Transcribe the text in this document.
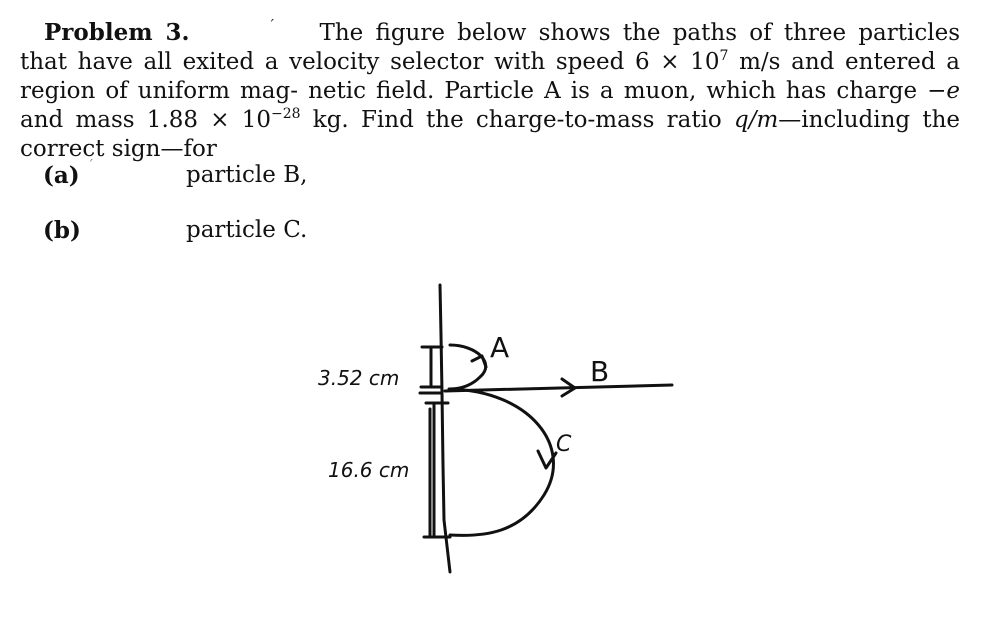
ˊ
Problem 3.	The figure below shows the paths of three particles that have all exited a velocity selector with speed $6 \times 10^7$ m/s and entered a region of uniform mag- netic field. Particle A is a muon, which has charge −e and mass $1.88 \times 10^{-28}$ kg. Find the charge-to-mass ratio q/m—including the correct sign—for
(a) ˊ	particle B,
(b)	particle C.
A
B
C
3.52 cm
16.6 cm
